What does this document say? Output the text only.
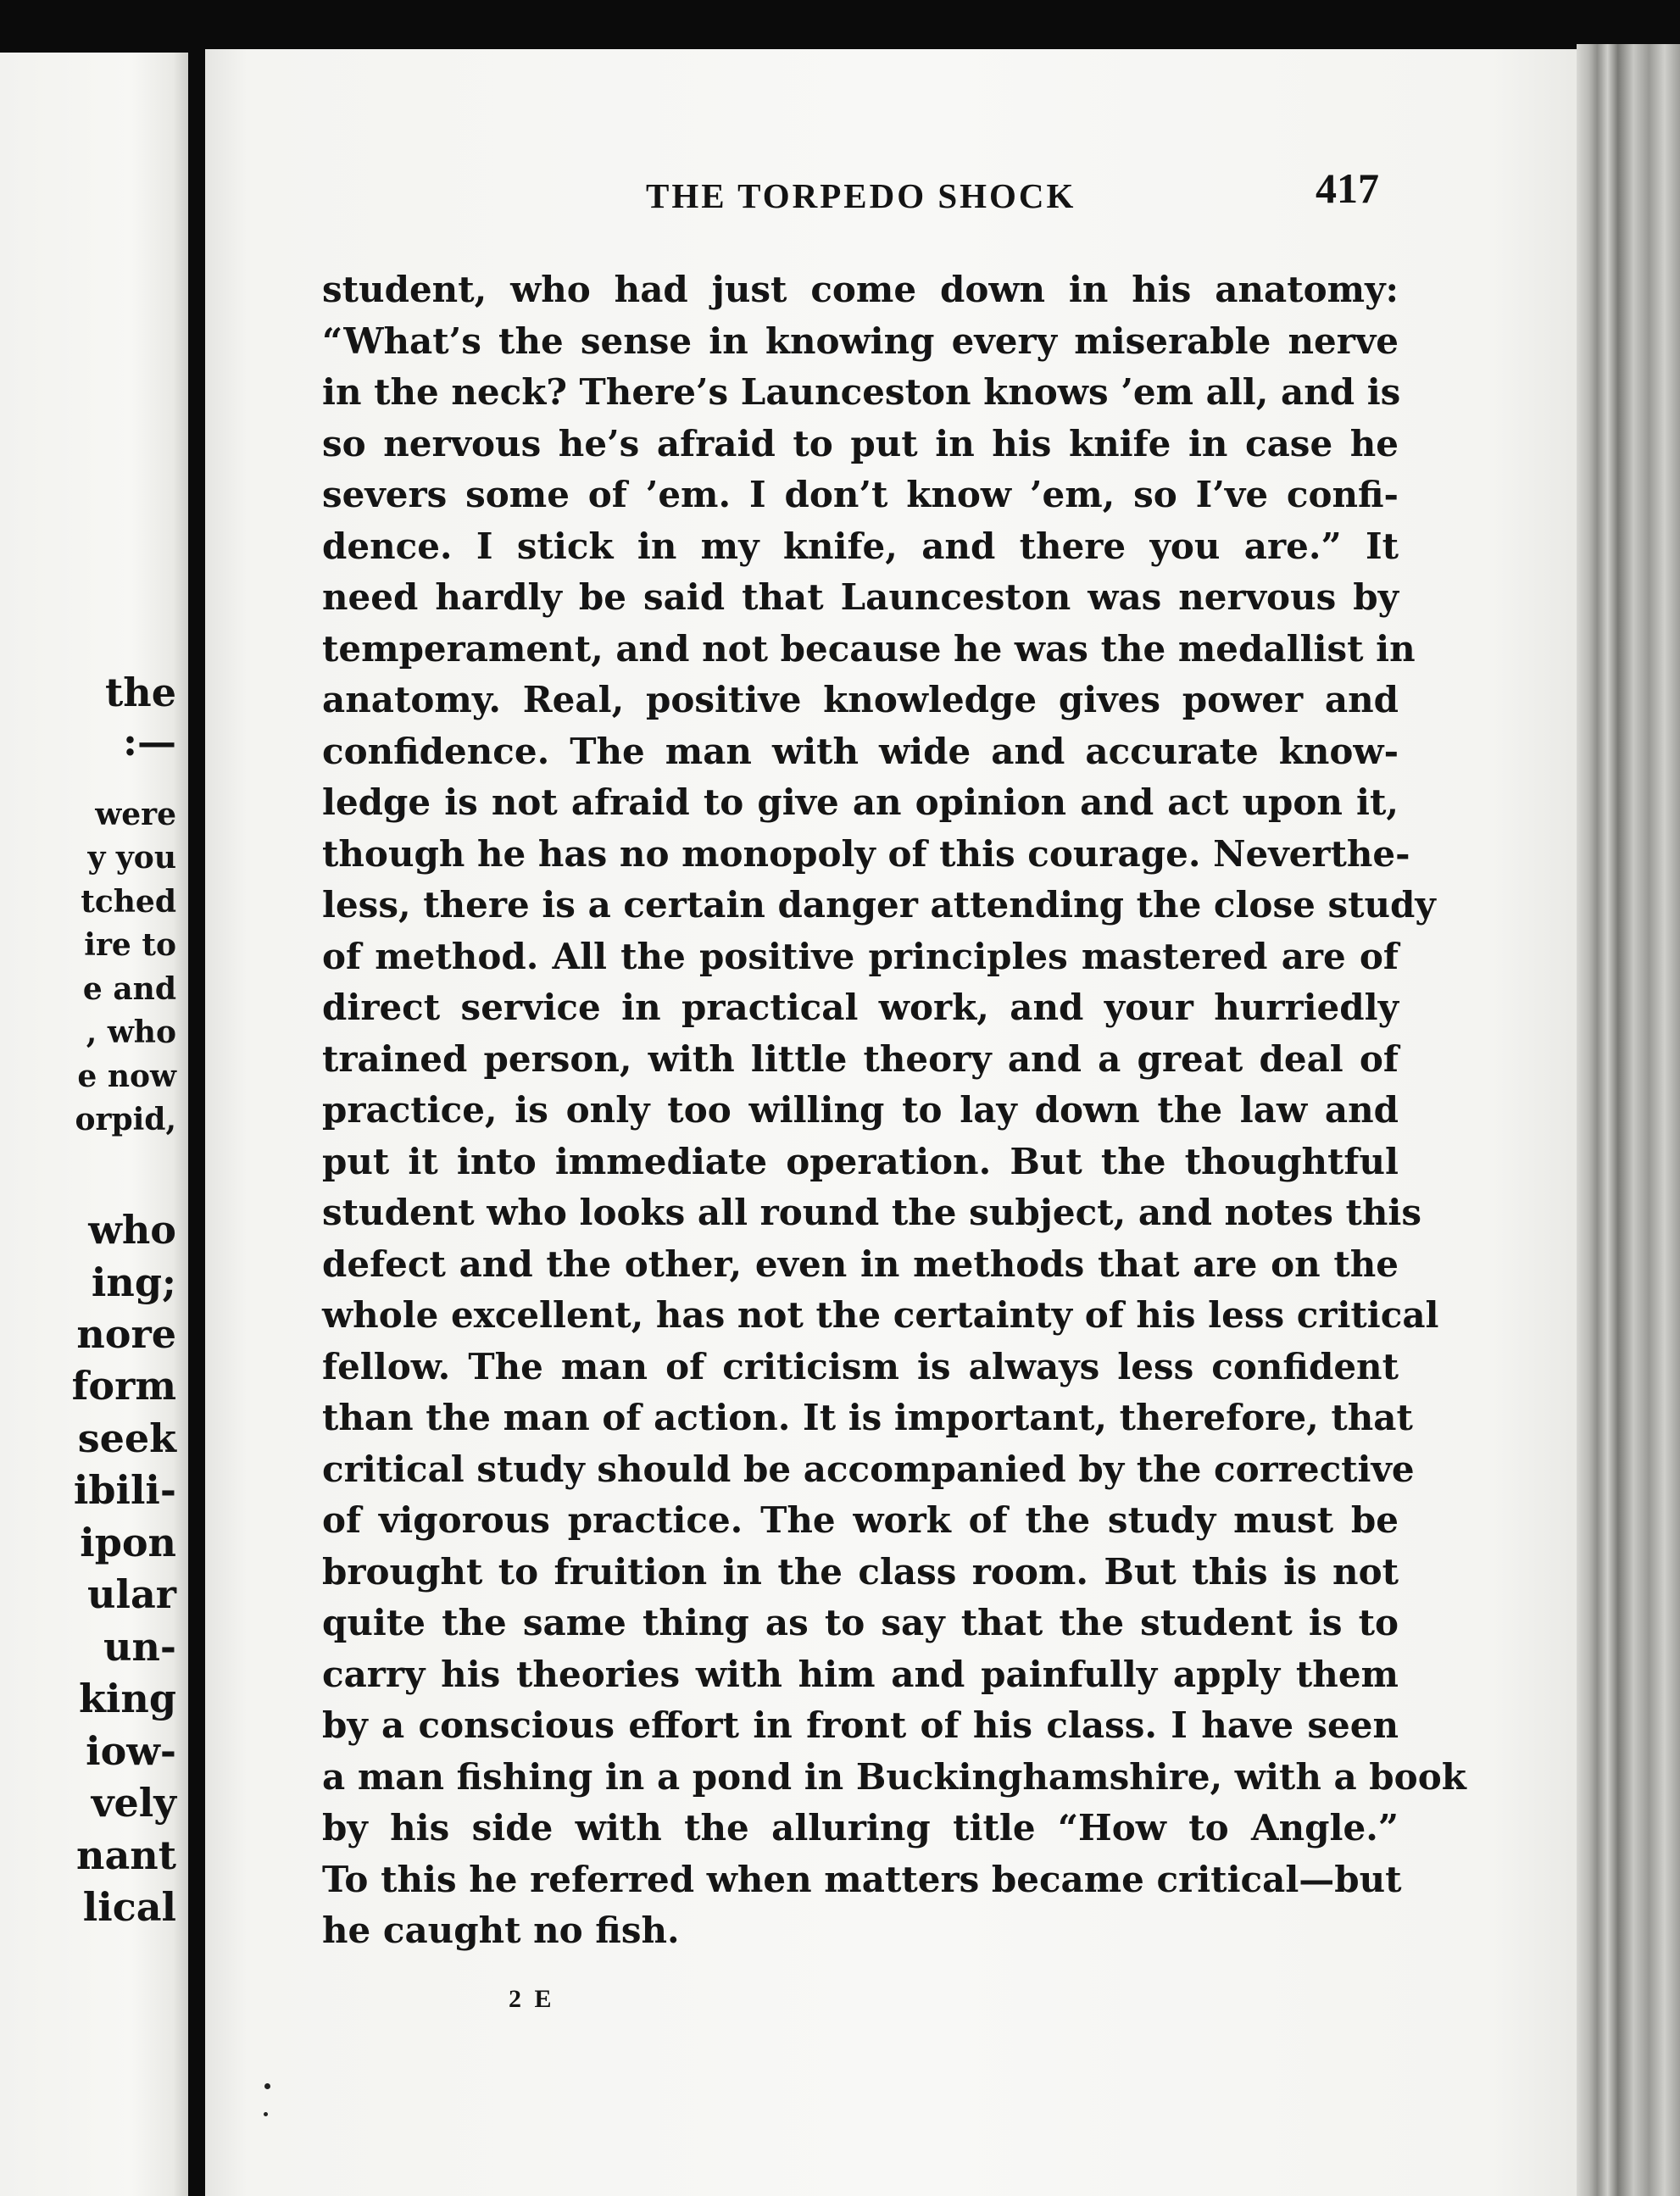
the
:—
were
y you
tched
ire to
e and
, who
e now
orpid,
who
ing;
nore
form
seek
ibili-
ipon
ular
un-
king
iow-
vely
nant
lical
THE TORPEDO SHOCK	417
student, who had just come down in his anatomy:
“What’s the sense in knowing every miserable nerve
in the neck? There’s Launceston knows ’em all, and is
so nervous he’s afraid to put in his knife in case he
severs some of ’em. I don’t know ’em, so I’ve confi-
dence. I stick in my knife, and there you are.” It
need hardly be said that Launceston was nervous by
temperament, and not because he was the medallist in
anatomy. Real, positive knowledge gives power and
confidence. The man with wide and accurate know-
ledge is not afraid to give an opinion and act upon it,
though he has no monopoly of this courage. Neverthe-
less, there is a certain danger attending the close study
of method. All the positive principles mastered are of
direct service in practical work, and your hurriedly
trained person, with little theory and a great deal of
practice, is only too willing to lay down the law and
put it into immediate operation. But the thoughtful
student who looks all round the subject, and notes this
defect and the other, even in methods that are on the
whole excellent, has not the certainty of his less critical
fellow. The man of criticism is always less confident
than the man of action. It is important, therefore, that
critical study should be accompanied by the corrective
of vigorous practice. The work of the study must be
brought to fruition in the class room. But this is not
quite the same thing as to say that the student is to
carry his theories with him and painfully apply them
by a conscious effort in front of his class. I have seen
a man fishing in a pond in Buckinghamshire, with a book
by his side with the alluring title “How to Angle.”
To this he referred when matters became critical—but
he caught no fish.
2 E
